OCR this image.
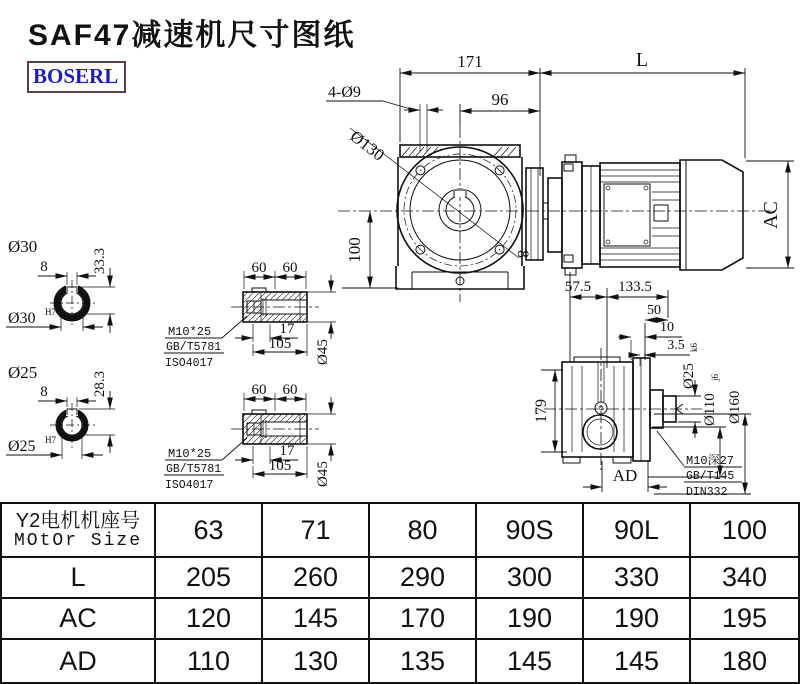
SAF47减速机尺寸图纸
BOSERL
171	L
96
4-Ø9
Ø130
100
AC
8
Ø30
33.3
8
Ø30 H7
Ø25	28.3
8
Ø25 H7
60 60
17
105 Ø45
M10*25
GB/T5781
ISO4017
60 60
17
105 Ø45
M10*25
GB/T5781
ISO4017
57.5 133.5
50
10
3.5
Ø25
k6
179	Ø110
j6
Ø160
M10深27
GB/T145
DIN332
AD
Y2电机机座号
MOtOr Size	63	71	80	90S	90L	100
L	205	260	290	300	330	340
AC	120	145	170	190	190	195
AD	110	130	135	145	145	180
